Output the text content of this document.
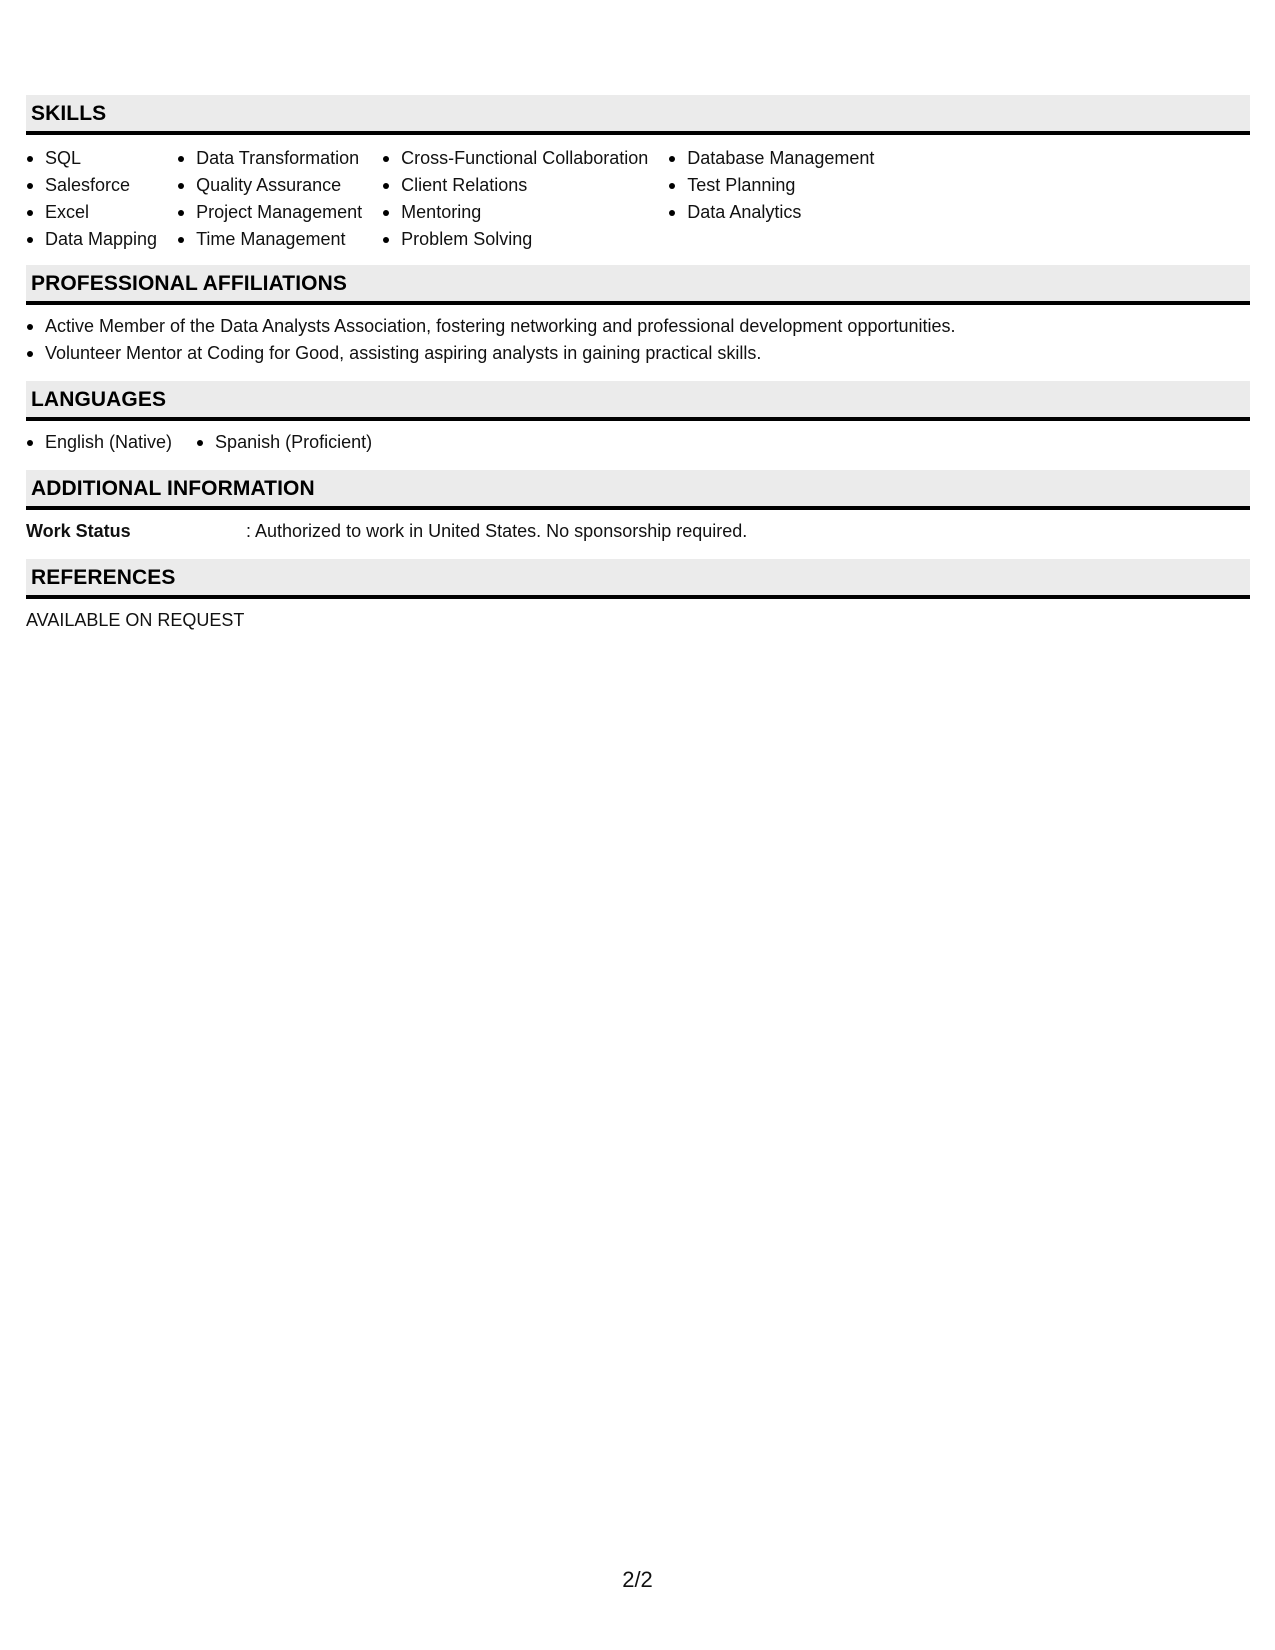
SKILLS
SQL
Salesforce
Excel
Data Mapping
Data Transformation
Quality Assurance
Project Management
Time Management
Cross-Functional Collaboration
Client Relations
Mentoring
Problem Solving
Database Management
Test Planning
Data Analytics
PROFESSIONAL AFFILIATIONS
Active Member of the Data Analysts Association, fostering networking and professional development opportunities.
Volunteer Mentor at Coding for Good, assisting aspiring analysts in gaining practical skills.
LANGUAGES
English (Native)	Spanish (Proficient)
ADDITIONAL INFORMATION
Work Status	: Authorized to work in United States. No sponsorship required.
REFERENCES
AVAILABLE ON REQUEST
2/2
